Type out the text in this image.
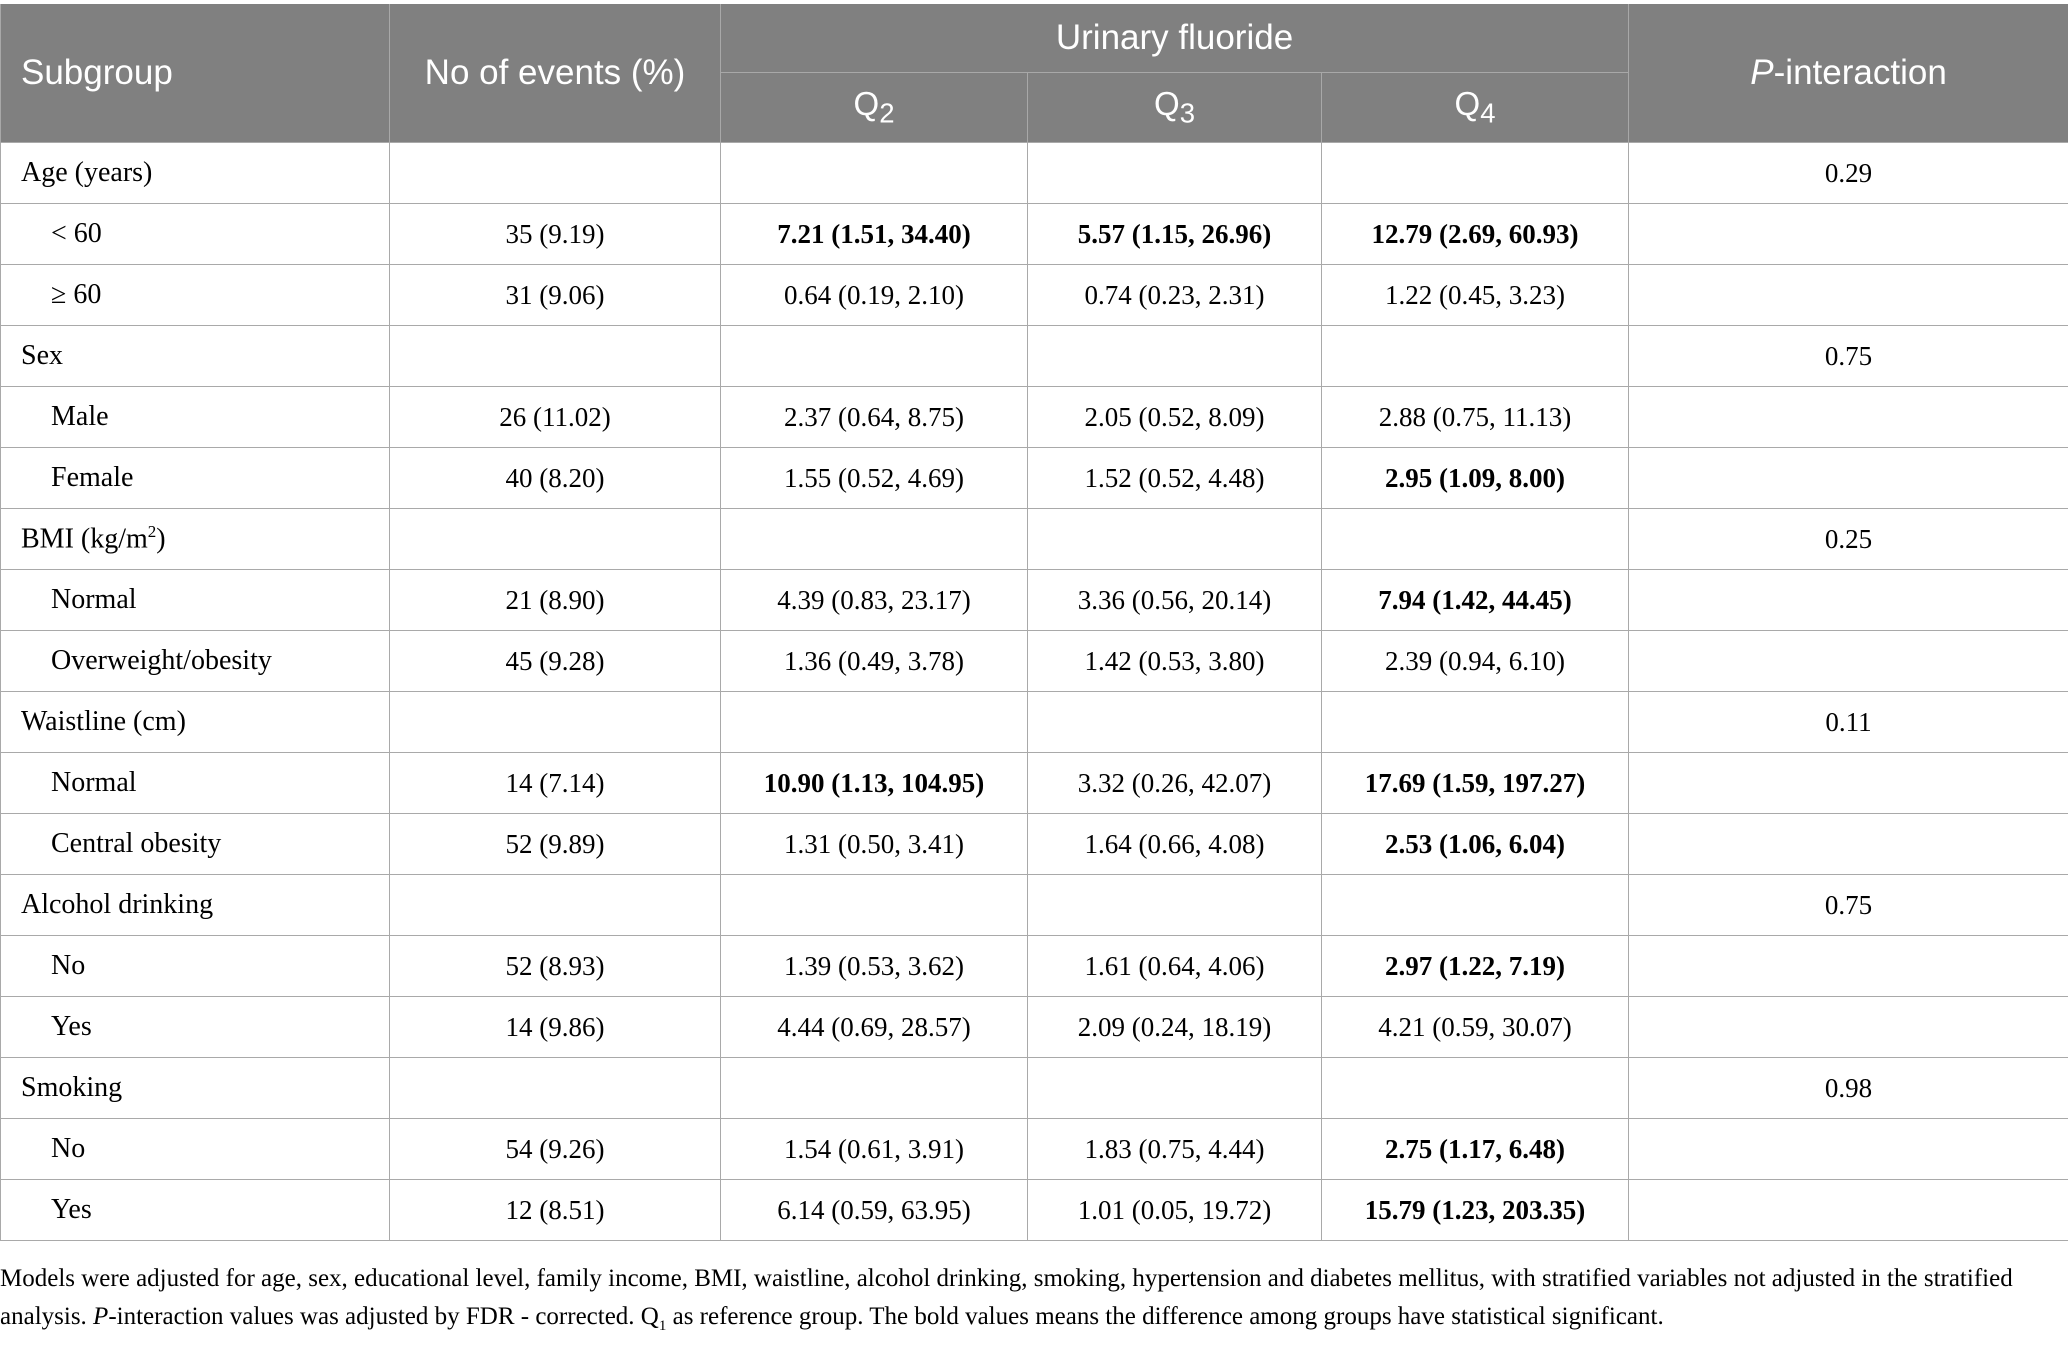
Subgroup	No of events (%)	Urinary fluoride			P-interaction
		$Q_2$	$Q_3$	$Q_4$
Age (years)					0.29
< 60	35 (9.19)	7.21 (1.51, 34.40)	5.57 (1.15, 26.96)	12.79 (2.69, 60.93)	
≥ 60	31 (9.06)	0.64 (0.19, 2.10)	0.74 (0.23, 2.31)	1.22 (0.45, 3.23)	
Sex					0.75
Male	26 (11.02)	2.37 (0.64, 8.75)	2.05 (0.52, 8.09)	2.88 (0.75, 11.13)	
Female	40 (8.20)	1.55 (0.52, 4.69)	1.52 (0.52, 4.48)	2.95 (1.09, 8.00)	
BMI $(kg/m^2)$					0.25
Normal	21 (8.90)	4.39 (0.83, 23.17)	3.36 (0.56, 20.14)	7.94 (1.42, 44.45)	
Overweight/obesity	45 (9.28)	1.36 (0.49, 3.78)	1.42 (0.53, 3.80)	2.39 (0.94, 6.10)	
Waistline (cm)					0.11
Normal	14 (7.14)	10.90 (1.13, 104.95)	3.32 (0.26, 42.07)	17.69 (1.59, 197.27)	
Central obesity	52 (9.89)	1.31 (0.50, 3.41)	1.64 (0.66, 4.08)	2.53 (1.06, 6.04)	
Alcohol drinking					0.75
No	52 (8.93)	1.39 (0.53, 3.62)	1.61 (0.64, 4.06)	2.97 (1.22, 7.19)	
Yes	14 (9.86)	4.44 (0.69, 28.57)	2.09 (0.24, 18.19)	4.21 (0.59, 30.07)	
Smoking					0.98
No	54 (9.26)	1.54 (0.61, 3.91)	1.83 (0.75, 4.44)	2.75 (1.17, 6.48)	
Yes	12 (8.51)	6.14 (0.59, 63.95)	1.01 (0.05, 19.72)	15.79 (1.23, 203.35)	
Models were adjusted for age, sex, educational level, family income, BMI, waistline, alcohol drinking, smoking, hypertension and diabetes mellitus, with stratified variables not adjusted in the stratified analysis. P-interaction values was adjusted by FDR - corrected. $Q_1$ as reference group. The bold values means the difference among groups have statistical significant.
